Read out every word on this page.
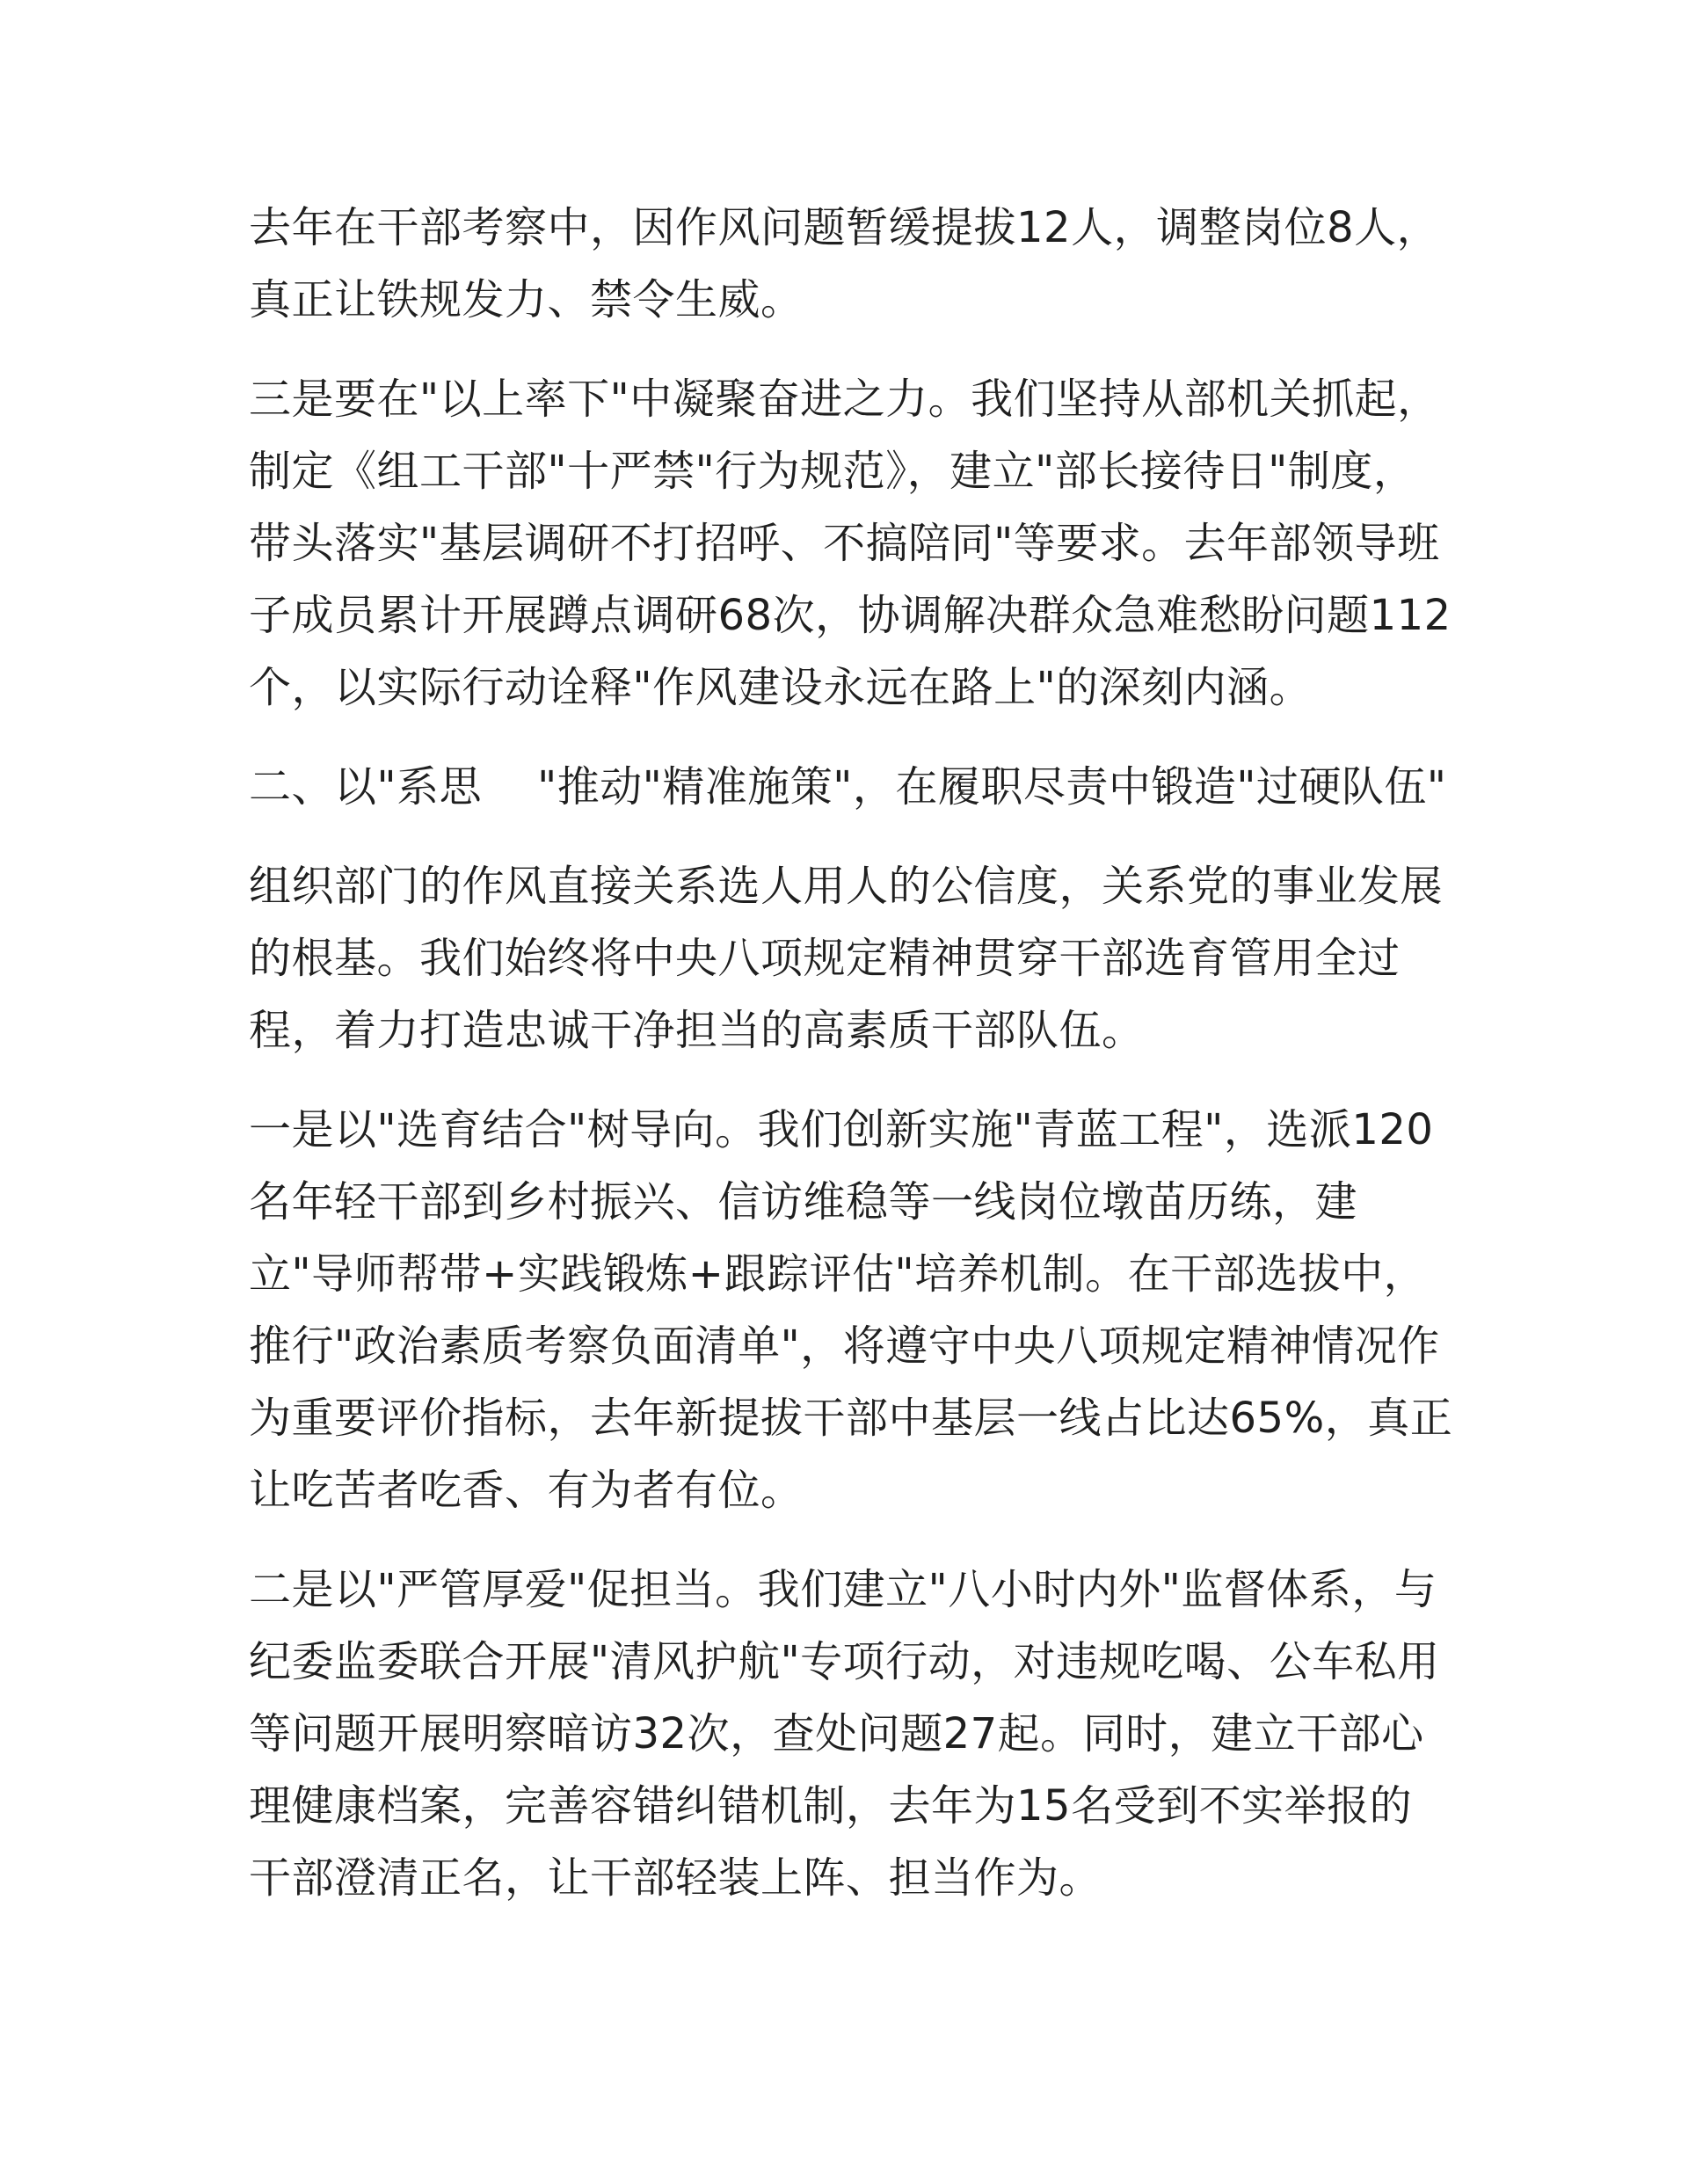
去年在干部考察中，因作风问题暂缓提拔12人，调整岗位8人，真正让铁规发力、禁令生威。

三是要在"以上率下"中凝聚奋进之力。我们坚持从部机关抓起，制定《组工干部"十严禁"行为规范》，建立"部长接待日"制度，带头落实"基层调研不打招呼、不搞陪同"等要求。去年部领导班子成员累计开展蹲点调研68次，协调解决群众急难愁盼问题112个，以实际行动诠释"作风建设永远在路上"的深刻内涵。

二、以"系思    "推动"精准施策"，在履职尽责中锻造"过硬队伍"

组织部门的作风直接关系选人用人的公信度，关系党的事业发展的根基。我们始终将中央八项规定精神贯穿干部选育管用全过程，着力打造忠诚干净担当的高素质干部队伍。

一是以"选育结合"树导向。我们创新实施"青蓝工程"，选派120名年轻干部到乡村振兴、信访维稳等一线岗位墩苗历练，建立"导师帮带+实践锻炼+跟踪评估"培养机制。在干部选拔中，推行"政治素质考察负面清单"，将遵守中央八项规定精神情况作为重要评价指标，去年新提拔干部中基层一线占比达65%，真正让吃苦者吃香、有为者有位。

二是以"严管厚爱"促担当。我们建立"八小时内外"监督体系，与纪委监委联合开展"清风护航"专项行动，对违规吃喝、公车私用等问题开展明察暗访32次，查处问题27起。同时，建立干部心理健康档案，完善容错纠错机制，去年为15名受到不实举报的干部澄清正名，让干部轻装上阵、担当作为。
